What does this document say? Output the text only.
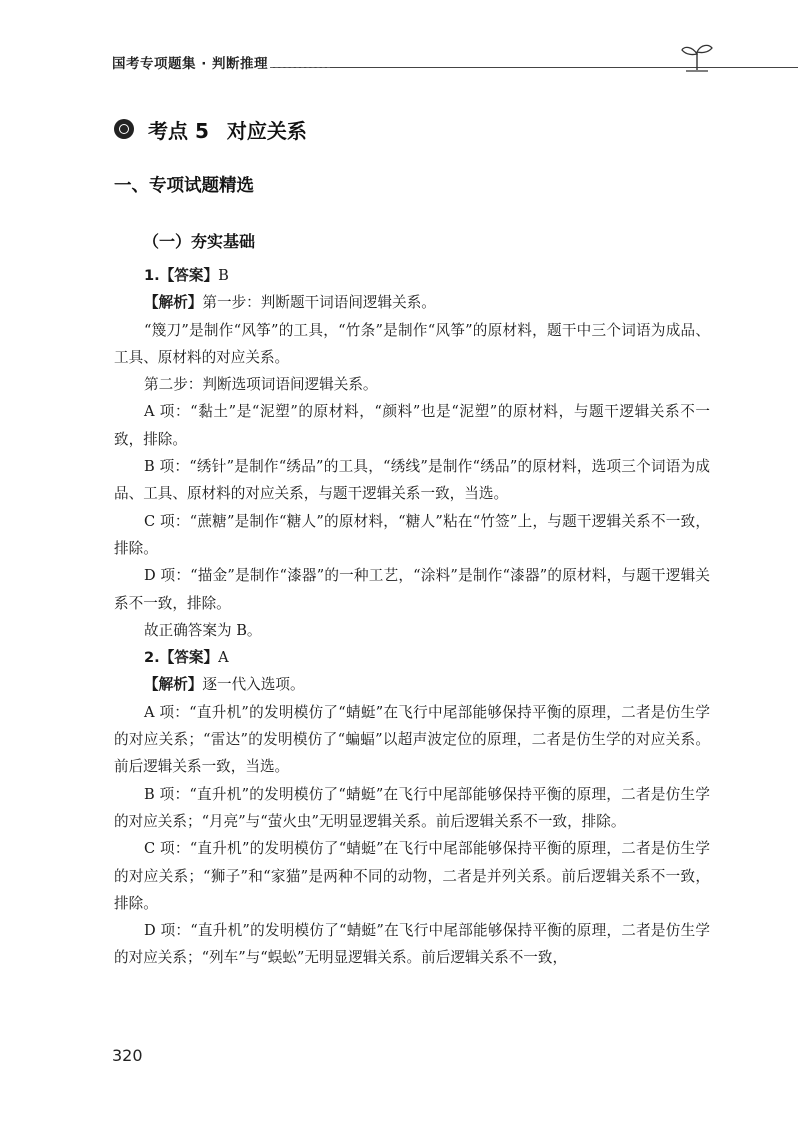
国考专项题集 · 判断推理
考点 5 对应关系
一、专项试题精选
（一）夯实基础

1.【答案】B

【解析】第一步：判断题干词语间逻辑关系。

“篾刀”是制作“风筝”的工具，“竹条”是制作“风筝”的原材料，题干中三个词语为成品、工具、原材料的对应关系。

第二步：判断选项词语间逻辑关系。

A 项：“黏土”是“泥塑”的原材料，“颜料”也是“泥塑”的原材料，与题干逻辑关系不一致，排除。

B 项：“绣针”是制作“绣品”的工具，“绣线”是制作“绣品”的原材料，选项三个词语为成品、工具、原材料的对应关系，与题干逻辑关系一致，当选。

C 项：“蔗糖”是制作“糖人”的原材料，“糖人”粘在“竹签”上，与题干逻辑关系不一致，排除。

D 项：“描金”是制作“漆器”的一种工艺，“涂料”是制作“漆器”的原材料，与题干逻辑关系不一致，排除。

故正确答案为 B。

2.【答案】A

【解析】逐一代入选项。

A 项：“直升机”的发明模仿了“蜻蜓”在飞行中尾部能够保持平衡的原理，二者是仿生学的对应关系；“雷达”的发明模仿了“蝙蝠”以超声波定位的原理，二者是仿生学的对应关系。前后逻辑关系一致，当选。

B 项：“直升机”的发明模仿了“蜻蜓”在飞行中尾部能够保持平衡的原理，二者是仿生学的对应关系；“月亮”与“萤火虫”无明显逻辑关系。前后逻辑关系不一致，排除。

C 项：“直升机”的发明模仿了“蜻蜓”在飞行中尾部能够保持平衡的原理，二者是仿生学的对应关系；“狮子”和“家猫”是两种不同的动物，二者是并列关系。前后逻辑关系不一致，排除。

D 项：“直升机”的发明模仿了“蜻蜓”在飞行中尾部能够保持平衡的原理，二者是仿生学的对应关系；“列车”与“蜈蚣”无明显逻辑关系。前后逻辑关系不一致，

320
